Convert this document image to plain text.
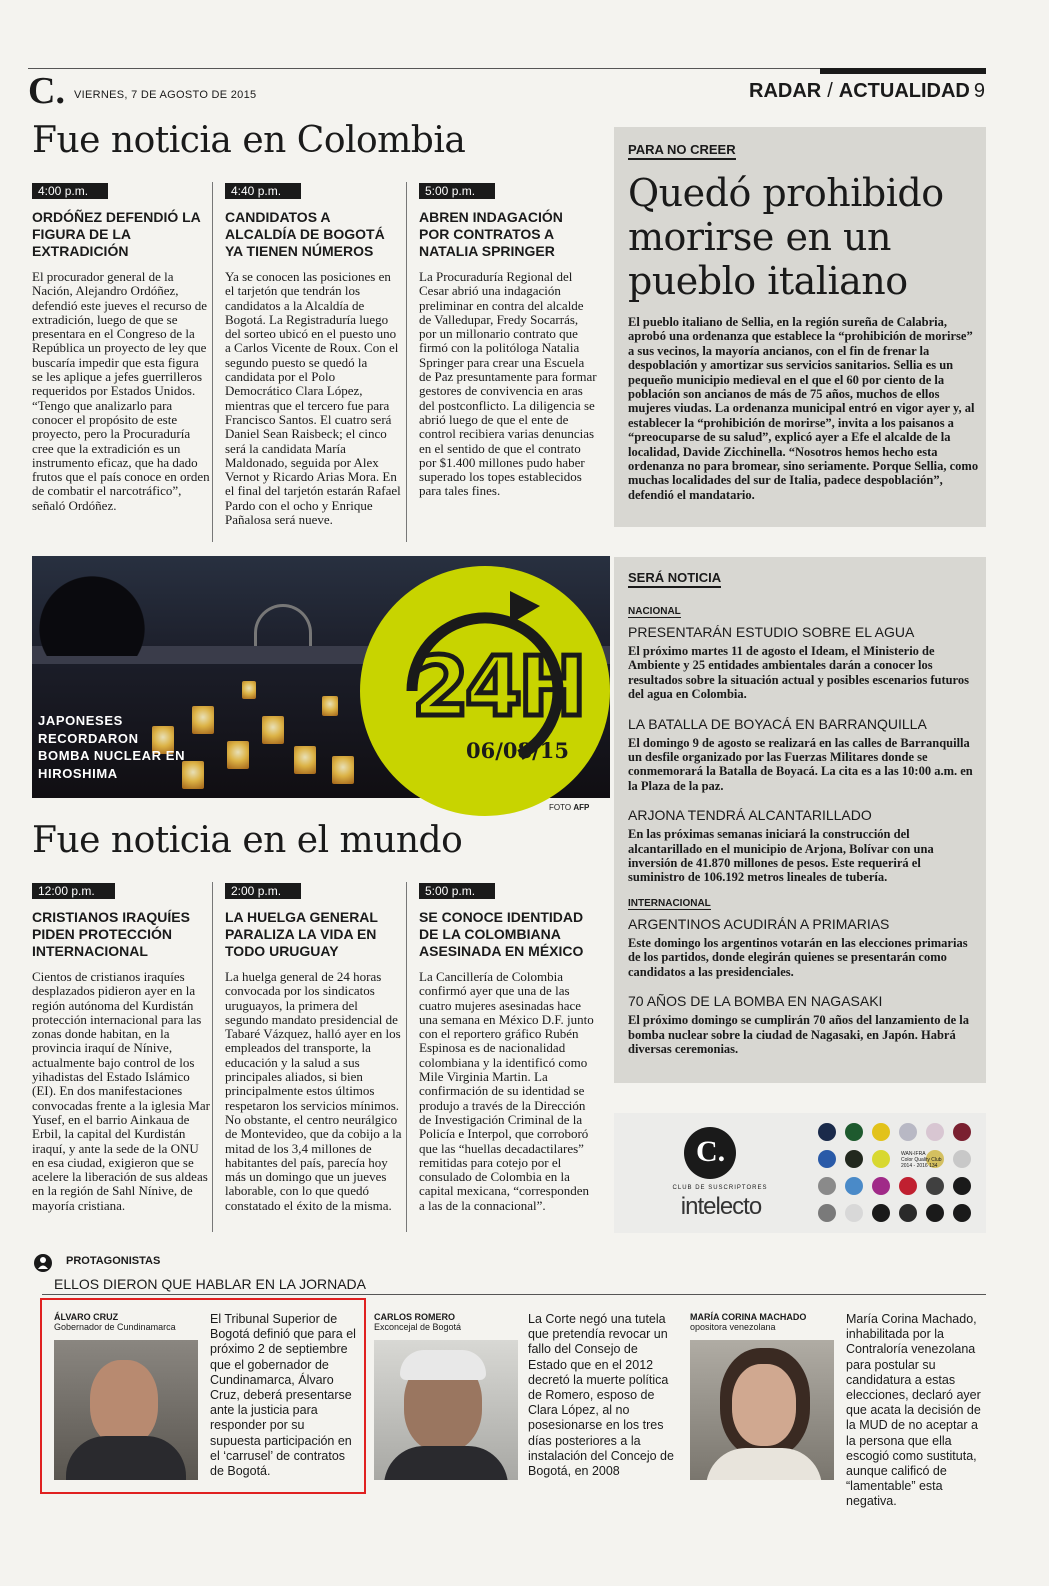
C. VIERNES, 7 DE AGOSTO DE 2015	RADAR / ACTUALIDAD 9
Fue noticia en Colombia
4:00 p.m.
ORDÓÑEZ DEFENDIÓ LA FIGURA DE LA EXTRADICIÓN

El procurador general de la Nación, Alejandro Ordóñez, defendió este jueves el recurso de extradición, luego de que se presentara en el Congreso de la República un proyecto de ley que buscaría impedir que esta figura se les aplique a jefes guerrilleros requeridos por Estados Unidos. “Tengo que analizarlo para conocer el propósito de este proyecto, pero la Procuraduría cree que la extradición es un instrumento eficaz, que ha dado frutos que el país conoce en orden de combatir el narcotráfico”, señaló Ordóñez.

4:40 p.m.
CANDIDATOS A ALCALDÍA DE BOGOTÁ YA TIENEN NÚMEROS

Ya se conocen las posiciones en el tarjetón que tendrán los candidatos a la Alcaldía de Bogotá. La Registraduría luego del sorteo ubicó en el puesto uno a Carlos Vicente de Roux. Con el segundo puesto se quedó la candidata por el Polo Democrático Clara López, mientras que el tercero fue para Francisco Santos. El cuatro será Daniel Sean Raisbeck; el cinco será la candidata María Maldonado, seguida por Alex Vernot y Ricardo Arias Mora. En el final del tarjetón estarán Rafael Pardo con el ocho y Enrique Pañalosa será nueve.

5:00 p.m.
ABREN INDAGACIÓN POR CONTRATOS A NATALIA SPRINGER

La Procuraduría Regional del Cesar abrió una indagación preliminar en contra del alcalde de Valledupar, Fredy Socarrás, por un millonario contrato que firmó con la politóloga Natalia Springer para crear una Escuela de Paz presuntamente para formar gestores de convivencia en aras del postconflicto. La diligencia se abrió luego de que el ente de control recibiera varias denuncias en el sentido de que el contrato por $1.400 millones pudo haber superado los topes establecidos para tales fines.

PARA NO CREER
Quedó prohibido morirse en un pueblo italiano
El pueblo italiano de Sellia, en la región sureña de Calabria, aprobó una ordenanza que establece la “prohibición de morirse” a sus vecinos, la mayoría ancianos, con el fin de frenar la despoblación y amortizar sus servicios sanitarios. Sellia es un pequeño municipio medieval en el que el 60 por ciento de la población son ancianos de más de 75 años, muchos de ellos mujeres viudas. La ordenanza municipal entró en vigor ayer y, al establecer la “prohibición de morirse”, invita a los paisanos a “preocuparse de su salud”, explicó ayer a Efe el alcalde de la localidad, Davide Zicchinella. “Nosotros hemos hecho esta ordenanza no para bromear, sino seriamente. Porque Sellia, como muchas localidades del sur de Italia, padece despoblación”, defendió el mandatario.
JAPONESES RECORDARON BOMBA NUCLEAR EN HIROSHIMA
24H
06/08/15
FOTO AFP
SERÁ NOTICIA
NACIONAL
PRESENTARÁN ESTUDIO SOBRE EL AGUA

El próximo martes 11 de agosto el Ideam, el Ministerio de Ambiente y 25 entidades ambientales darán a conocer los resultados sobre la situación actual y posibles escenarios futuros del agua en Colombia.

LA BATALLA DE BOYACÁ EN BARRANQUILLA

El domingo 9 de agosto se realizará en las calles de Barranquilla un desfile organizado por las Fuerzas Militares donde se conmemorará la Batalla de Boyacá. La cita es a las 10:00 a.m. en la Plaza de la paz.

ARJONA TENDRÁ ALCANTARILLADO

En las próximas semanas iniciará la construcción del alcantarillado en el municipio de Arjona, Bolívar con una inversión de 41.870 millones de pesos. Este requerirá el suministro de 106.192 metros lineales de tubería.

INTERNACIONAL
ARGENTINOS ACUDIRÁN A PRIMARIAS

Este domingo los argentinos votarán en las elecciones primarias de los partidos, donde elegirán quienes se presentarán como candidatos a las presidenciales.

70 AÑOS DE LA BOMBA EN NAGASAKI

El próximo domingo se cumplirán 70 años del lanzamiento de la bomba nuclear sobre la ciudad de Nagasaki, en Japón. Habrá diversas ceremonias.

Fue noticia en el mundo
12:00 p.m.
CRISTIANOS IRAQUÍES PIDEN PROTECCIÓN INTERNACIONAL

Cientos de cristianos iraquíes desplazados pidieron ayer en la región autónoma del Kurdistán protección internacional para las zonas donde habitan, en la provincia iraquí de Nínive, actualmente bajo control de los yihadistas del Estado Islámico (EI). En dos manifestaciones convocadas frente a la iglesia Mar Yusef, en el barrio Ainkaua de Erbil, la capital del Kurdistán iraquí, y ante la sede de la ONU en esa ciudad, exigieron que se acelere la liberación de sus aldeas en la región de Sahl Nínive, de mayoría cristiana.

2:00 p.m.
LA HUELGA GENERAL PARALIZA LA VIDA EN TODO URUGUAY

La huelga general de 24 horas convocada por los sindicatos uruguayos, la primera del segundo mandato presidencial de Tabaré Vázquez, halló ayer en los empleados del transporte, la educación y la salud a sus principales aliados, si bien principalmente estos últimos respetaron los servicios mínimos. No obstante, el centro neurálgico de Montevideo, que da cobijo a la mitad de los 3,4 millones de habitantes del país, parecía hoy más un domingo que un jueves laborable, con lo que quedó constatado el éxito de la misma.

5:00 p.m.
SE CONOCE IDENTIDAD DE LA COLOMBIANA ASESINADA EN MÉXICO

La Cancillería de Colombia confirmó ayer que una de las cuatro mujeres asesinadas hace una semana en México D.F. junto con el reportero gráfico Rubén Espinosa es de nacionalidad colombiana y la identificó como Mile Virginia Martin. La confirmación de su identidad se produjo a través de la Dirección de Investigación Criminal de la Policía e Interpol, que corroboró que las “huellas decadactilares” remitidas para cotejo por el consulado de Colombia en la capital mexicana, “corresponden a las de la connacional”.

C.
CLUB DE SUSCRIPTORES
intelecto
WAN-IFRA
Color Quality Club
2014 - 2016 134
PROTAGONISTAS
ELLOS DIERON QUE HABLAR EN LA JORNADA
ÁLVARO CRUZ
Gobernador de Cundinamarca
El Tribunal Superior de Bogotá definió que para el próximo 2 de septiembre que el gobernador de Cundinamarca, Álvaro Cruz, deberá presentarse ante la justicia para responder por su supuesta participación en el ‘carrusel’ de contratos de Bogotá.
CARLOS ROMERO
Exconcejal de Bogotá
La Corte negó una tutela que pretendía revocar un fallo del Consejo de Estado que en el 2012 decretó la muerte política de Romero, esposo de Clara López, al no posesionarse en los tres días posteriores a la instalación del Concejo de Bogotá, en 2008
MARÍA CORINA MACHADO
opositora venezolana
María Corina Machado, inhabilitada por la Contraloría venezolana para postular su candidatura a estas elecciones, declaró ayer que acata la decisión de la MUD de no aceptar a la persona que ella escogió como sustituta, aunque calificó de “lamentable” esta negativa.
